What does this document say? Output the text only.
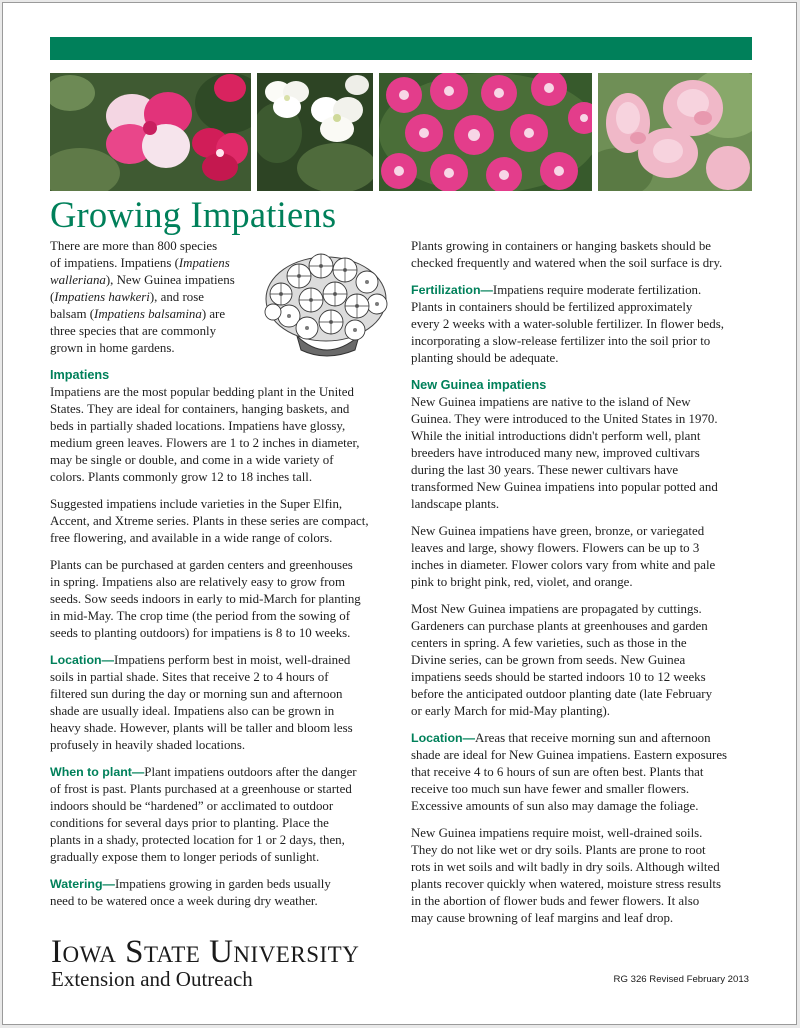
Growing Impatiens

There are more than 800 species
of impatiens. Impatiens (Impatiens
walleriana), New Guinea impatiens
(Impatiens hawkeri), and rose
balsam (Impatiens balsamina) are
three species that are commonly
grown in home gardens.

Impatiens

Impatiens are the most popular bedding plant in the United
States. They are ideal for containers, hanging baskets, and
beds in partially shaded locations. Impatiens have glossy,
medium green leaves. Flowers are 1 to 2 inches in diameter,
may be single or double, and come in a wide variety of
colors. Plants commonly grow 12 to 18 inches tall.

Suggested impatiens include varieties in the Super Elfin,
Accent, and Xtreme series. Plants in these series are compact,
free flowering, and available in a wide range of colors.

Plants can be purchased at garden centers and greenhouses
in spring. Impatiens also are relatively easy to grow from
seeds. Sow seeds indoors in early to mid-March for planting
in mid-May. The crop time (the period from the sowing of
seeds to planting outdoors) for impatiens is 8 to 10 weeks.

Location—Impatiens perform best in moist, well-drained
soils in partial shade. Sites that receive 2 to 4 hours of
filtered sun during the day or morning sun and afternoon
shade are usually ideal. Impatiens also can be grown in
heavy shade. However, plants will be taller and bloom less
profusely in heavily shaded locations.

When to plant—Plant impatiens outdoors after the danger
of frost is past. Plants purchased at a greenhouse or started
indoors should be “hardened” or acclimated to outdoor
conditions for several days prior to planting. Place the
plants in a shady, protected location for 1 or 2 days, then,
gradually expose them to longer periods of sunlight.

Watering—Impatiens growing in garden beds usually
need to be watered once a week during dry weather.

Plants growing in containers or hanging baskets should be
checked frequently and watered when the soil surface is dry.

Fertilization—Impatiens require moderate fertilization.
Plants in containers should be fertilized approximately
every 2 weeks with a water-soluble fertilizer. In flower beds,
incorporating a slow-release fertilizer into the soil prior to
planting should be adequate.

New Guinea impatiens

New Guinea impatiens are native to the island of New
Guinea. They were introduced to the United States in 1970.
While the initial introductions didn't perform well, plant
breeders have introduced many new, improved cultivars
during the last 30 years. These newer cultivars have
transformed New Guinea impatiens into popular potted and
landscape plants.

New Guinea impatiens have green, bronze, or variegated
leaves and large, showy flowers. Flowers can be up to 3
inches in diameter. Flower colors vary from white and pale
pink to bright pink, red, violet, and orange.

Most New Guinea impatiens are propagated by cuttings.
Gardeners can purchase plants at greenhouses and garden
centers in spring. A few varieties, such as those in the
Divine series, can be grown from seeds. New Guinea
impatiens seeds should be started indoors 10 to 12 weeks
before the anticipated outdoor planting date (late February
or early March for mid-May planting).

Location—Areas that receive morning sun and afternoon
shade are ideal for New Guinea impatiens. Eastern exposures
that receive 4 to 6 hours of sun are often best. Plants that
receive too much sun have fewer and smaller flowers.
Excessive amounts of sun also may damage the foliage.

New Guinea impatiens require moist, well-drained soils.
They do not like wet or dry soils. Plants are prone to root
rots in wet soils and wilt badly in dry soils. Although wilted
plants recover quickly when watered, moisture stress results
in the abortion of flower buds and fewer flowers. It also
may cause browning of leaf margins and leaf drop.

Iowa State University

Extension and Outreach	RG 326 Revised February 2013
